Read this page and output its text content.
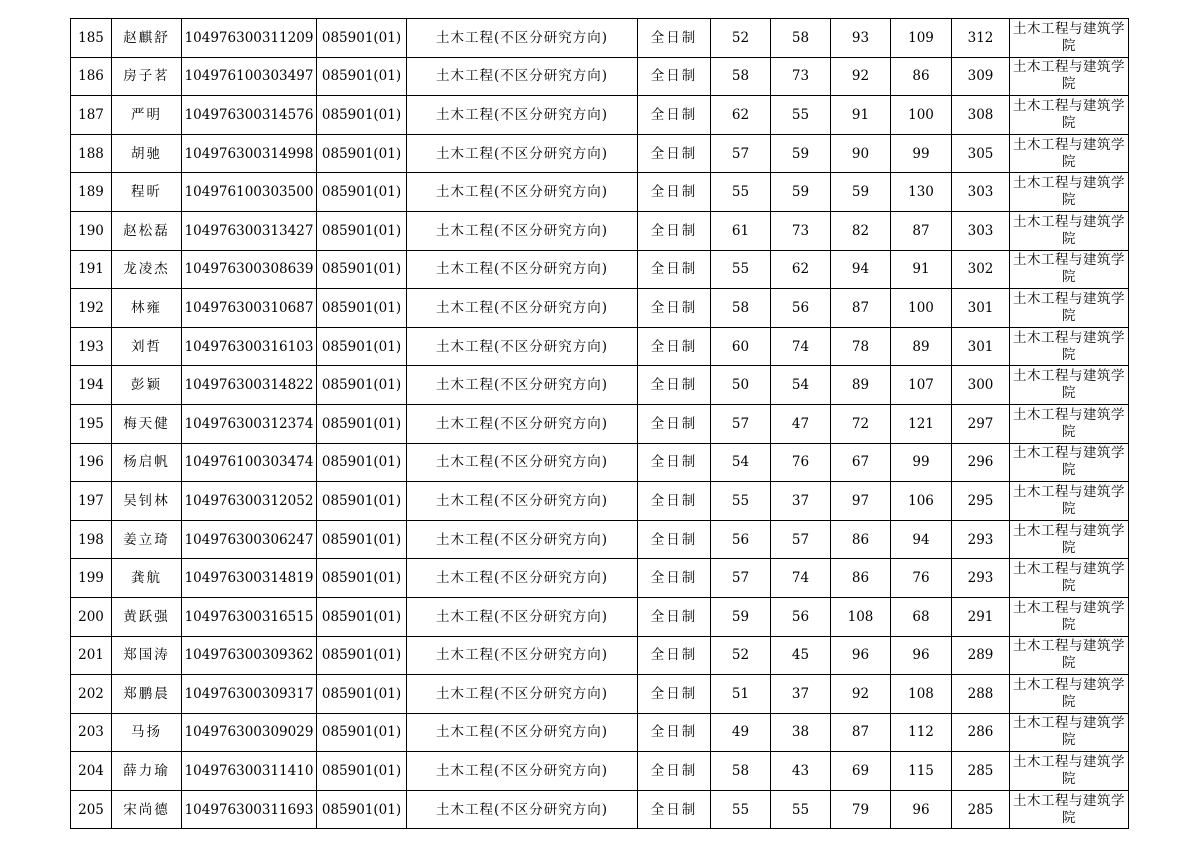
185	赵麒舒	104976300311209	085901(01)	土木工程(不区分研究方向)	全日制	52	58	93	109	312	土木工程与建筑学院
186	房子茗	104976100303497	085901(01)	土木工程(不区分研究方向)	全日制	58	73	92	86	309	土木工程与建筑学院
187	严明	104976300314576	085901(01)	土木工程(不区分研究方向)	全日制	62	55	91	100	308	土木工程与建筑学院
188	胡驰	104976300314998	085901(01)	土木工程(不区分研究方向)	全日制	57	59	90	99	305	土木工程与建筑学院
189	程昕	104976100303500	085901(01)	土木工程(不区分研究方向)	全日制	55	59	59	130	303	土木工程与建筑学院
190	赵松磊	104976300313427	085901(01)	土木工程(不区分研究方向)	全日制	61	73	82	87	303	土木工程与建筑学院
191	龙凌杰	104976300308639	085901(01)	土木工程(不区分研究方向)	全日制	55	62	94	91	302	土木工程与建筑学院
192	林雍	104976300310687	085901(01)	土木工程(不区分研究方向)	全日制	58	56	87	100	301	土木工程与建筑学院
193	刘哲	104976300316103	085901(01)	土木工程(不区分研究方向)	全日制	60	74	78	89	301	土木工程与建筑学院
194	彭颖	104976300314822	085901(01)	土木工程(不区分研究方向)	全日制	50	54	89	107	300	土木工程与建筑学院
195	梅天健	104976300312374	085901(01)	土木工程(不区分研究方向)	全日制	57	47	72	121	297	土木工程与建筑学院
196	杨启帆	104976100303474	085901(01)	土木工程(不区分研究方向)	全日制	54	76	67	99	296	土木工程与建筑学院
197	吴钊林	104976300312052	085901(01)	土木工程(不区分研究方向)	全日制	55	37	97	106	295	土木工程与建筑学院
198	姜立琦	104976300306247	085901(01)	土木工程(不区分研究方向)	全日制	56	57	86	94	293	土木工程与建筑学院
199	龚航	104976300314819	085901(01)	土木工程(不区分研究方向)	全日制	57	74	86	76	293	土木工程与建筑学院
200	黄跃强	104976300316515	085901(01)	土木工程(不区分研究方向)	全日制	59	56	108	68	291	土木工程与建筑学院
201	郑国涛	104976300309362	085901(01)	土木工程(不区分研究方向)	全日制	52	45	96	96	289	土木工程与建筑学院
202	郑鹏晨	104976300309317	085901(01)	土木工程(不区分研究方向)	全日制	51	37	92	108	288	土木工程与建筑学院
203	马扬	104976300309029	085901(01)	土木工程(不区分研究方向)	全日制	49	38	87	112	286	土木工程与建筑学院
204	薛力瑜	104976300311410	085901(01)	土木工程(不区分研究方向)	全日制	58	43	69	115	285	土木工程与建筑学院
205	宋尚德	104976300311693	085901(01)	土木工程(不区分研究方向)	全日制	55	55	79	96	285	土木工程与建筑学院
